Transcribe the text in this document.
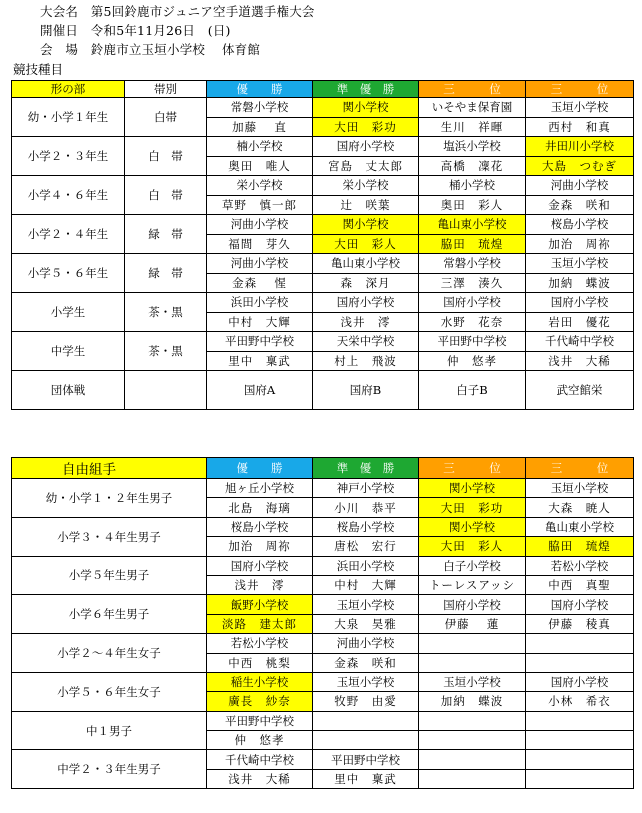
大会名　第5回鈴鹿市ジュニア空手道選手権大会
開催日　令和5年11月26日　(日)
会　場　鈴鹿市立玉垣小学校　 体育館
競技種目
形の部	帯別	優　　勝	準　優　勝	三　　　位	三　　　位
幼・小学１年生	白帯	常磐小学校	関小学校	いそやま保育園	玉垣小学校
		加藤　 直	大田　彩功	生川　祥暉	西村　和真
小学２・３年生	白　帯	楠小学校	国府小学校	塩浜小学校	井田川小学校
		奥田　唯人	宮島　丈太郎	高橋　凜花	大島　つむぎ
小学４・６年生	白　帯	栄小学校	栄小学校	桶小学校	河曲小学校
		草野　慎一郎	辻　咲葉	奥田　彩人	金森　咲和
小学２・４年生	緑　帯	河曲小学校	関小学校	亀山東小学校	桜島小学校
		福間　芽久	大田　彩人	脇田　琉煌	加治　周祢
小学５・６年生	緑　帯	河曲小学校	亀山東小学校	常磐小学校	玉垣小学校
		金森　 惺	森　深月	三澤　湊久	加納　蝶波
小学生	茶・黒	浜田小学校	国府小学校	国府小学校	国府小学校
		中村　大輝	浅井　澪	水野　花奈	岩田　優花
中学生	茶・黒	平田野中学校	天栄中学校	平田野中学校	千代崎中学校
		里中　稟武	村上　飛波	仲　悠孝	浅井　大稀
団体戦		国府A	国府B	白子B	武空館栄
自由組手	優　　勝	準　優　勝	三　　　位	三　　　位
幼・小学１・２年生男子	旭ヶ丘小学校	神戸小学校	関小学校	玉垣小学校
	北島　海璃	小川　恭平	大田　彩功	大森　暁人
小学３・４年生男子	桜島小学校	桜島小学校	関小学校	亀山東小学校
	加治　周祢	唐松　宏行	大田　彩人	脇田　琉煌
小学５年生男子	国府小学校	浜田小学校	白子小学校	若松小学校
	浅井　澪	中村　大輝	トーレスアッシ	中西　真聖
小学６年生男子	飯野小学校	玉垣小学校	国府小学校	国府小学校
	淡路　建太郎	大泉　昊雅	伊藤　 蓮	伊藤　稜真
小学２～４年生女子	若松小学校	河曲小学校		
	中西　桃梨	金森　咲和		
小学５・６年生女子	稲生小学校	玉垣小学校	玉垣小学校	国府小学校
	廣長　紗奈	牧野　由愛	加納　蝶波	小林　希衣
中１男子	平田野中学校			
	仲　悠孝			
中学２・３年生男子	千代崎中学校	平田野中学校		
	浅井　大稀	里中　稟武		
